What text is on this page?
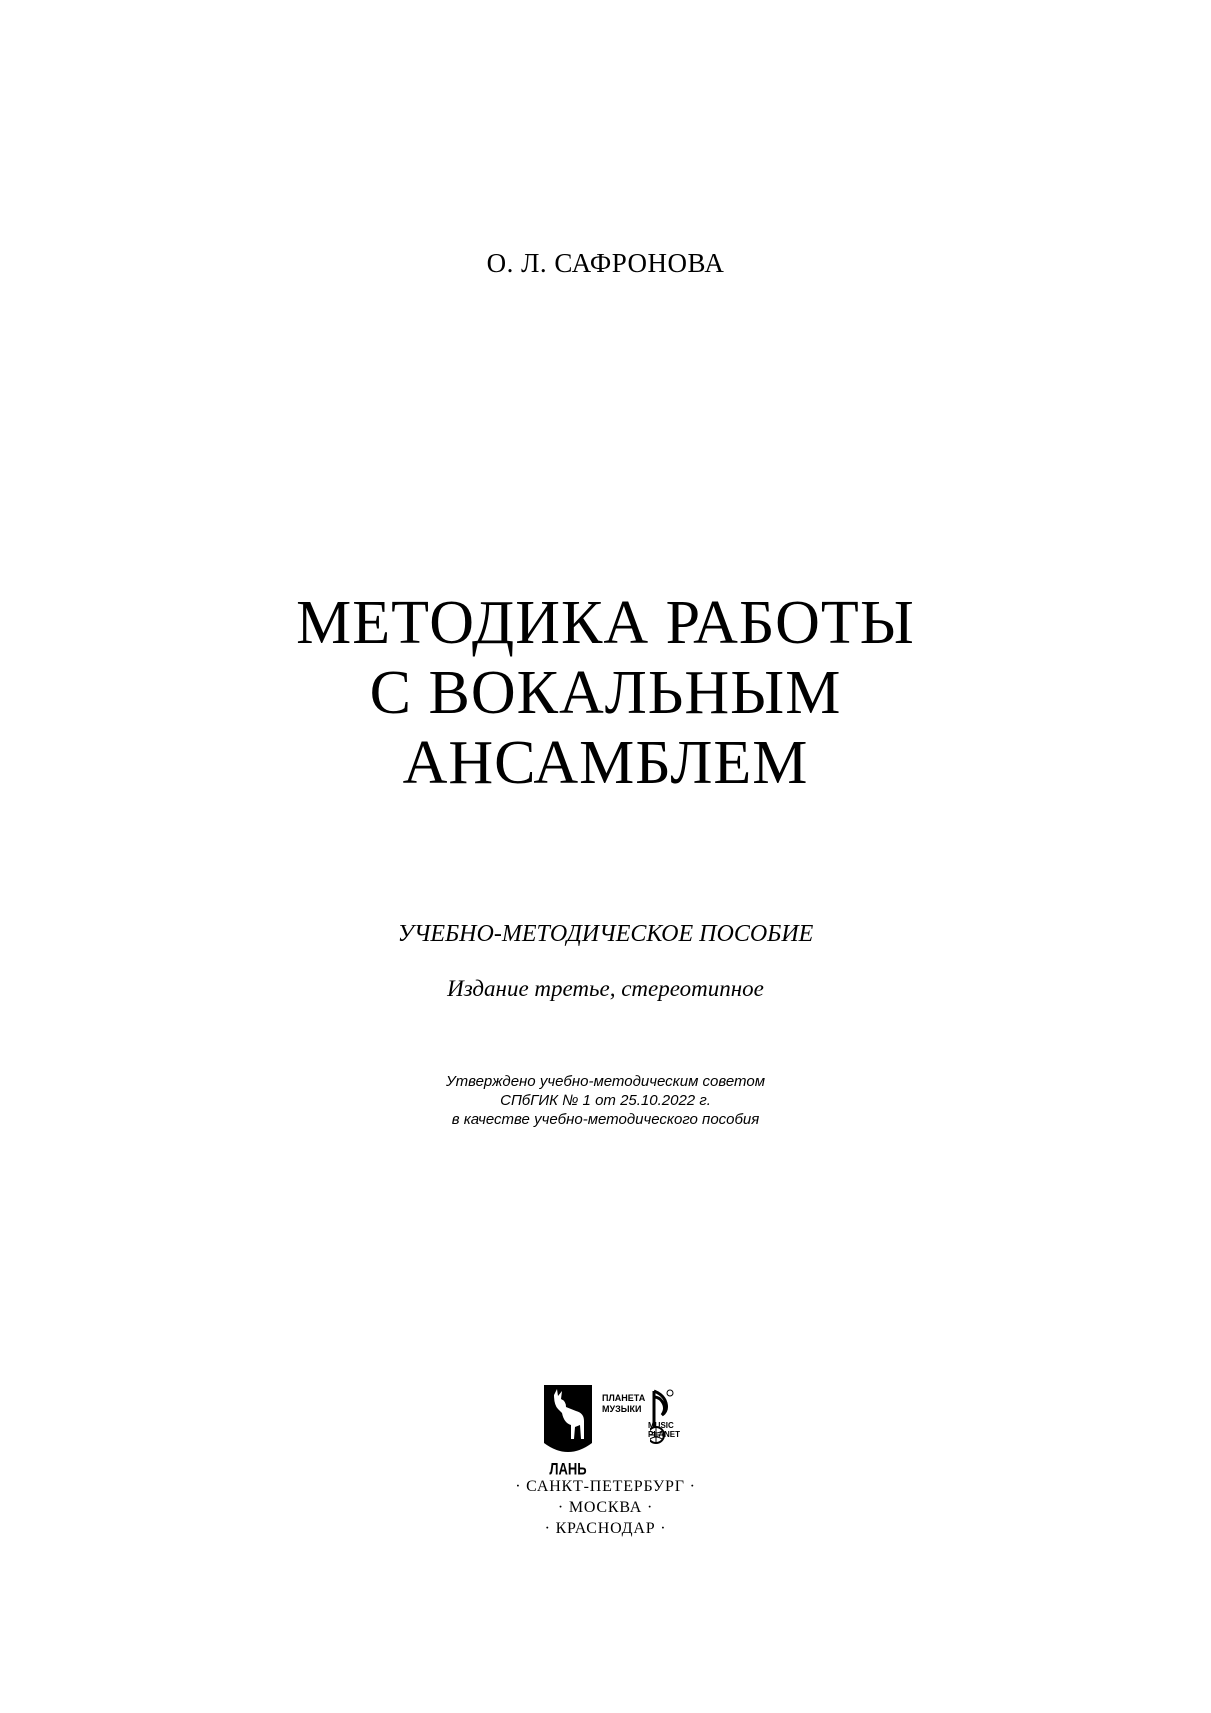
О. Л. САФРОНОВА
МЕТОДИКА РАБОТЫ
С ВОКАЛЬНЫМ
АНСАМБЛЕМ
УЧЕБНО-МЕТОДИЧЕСКОЕ ПОСОБИЕ
Издание третье, стереотипное
Утверждено учебно-методическим советом
СПбГИК № 1 от 25.10.2022 г.
в качестве учебно-методического пособия
ЛАНЬ
ПЛАНЕТА
МУЗЫКИ
MUSIC
PLANET
· САНКТ-ПЕТЕРБУРГ ·
· МОСКВА ·
· КРАСНОДАР ·
